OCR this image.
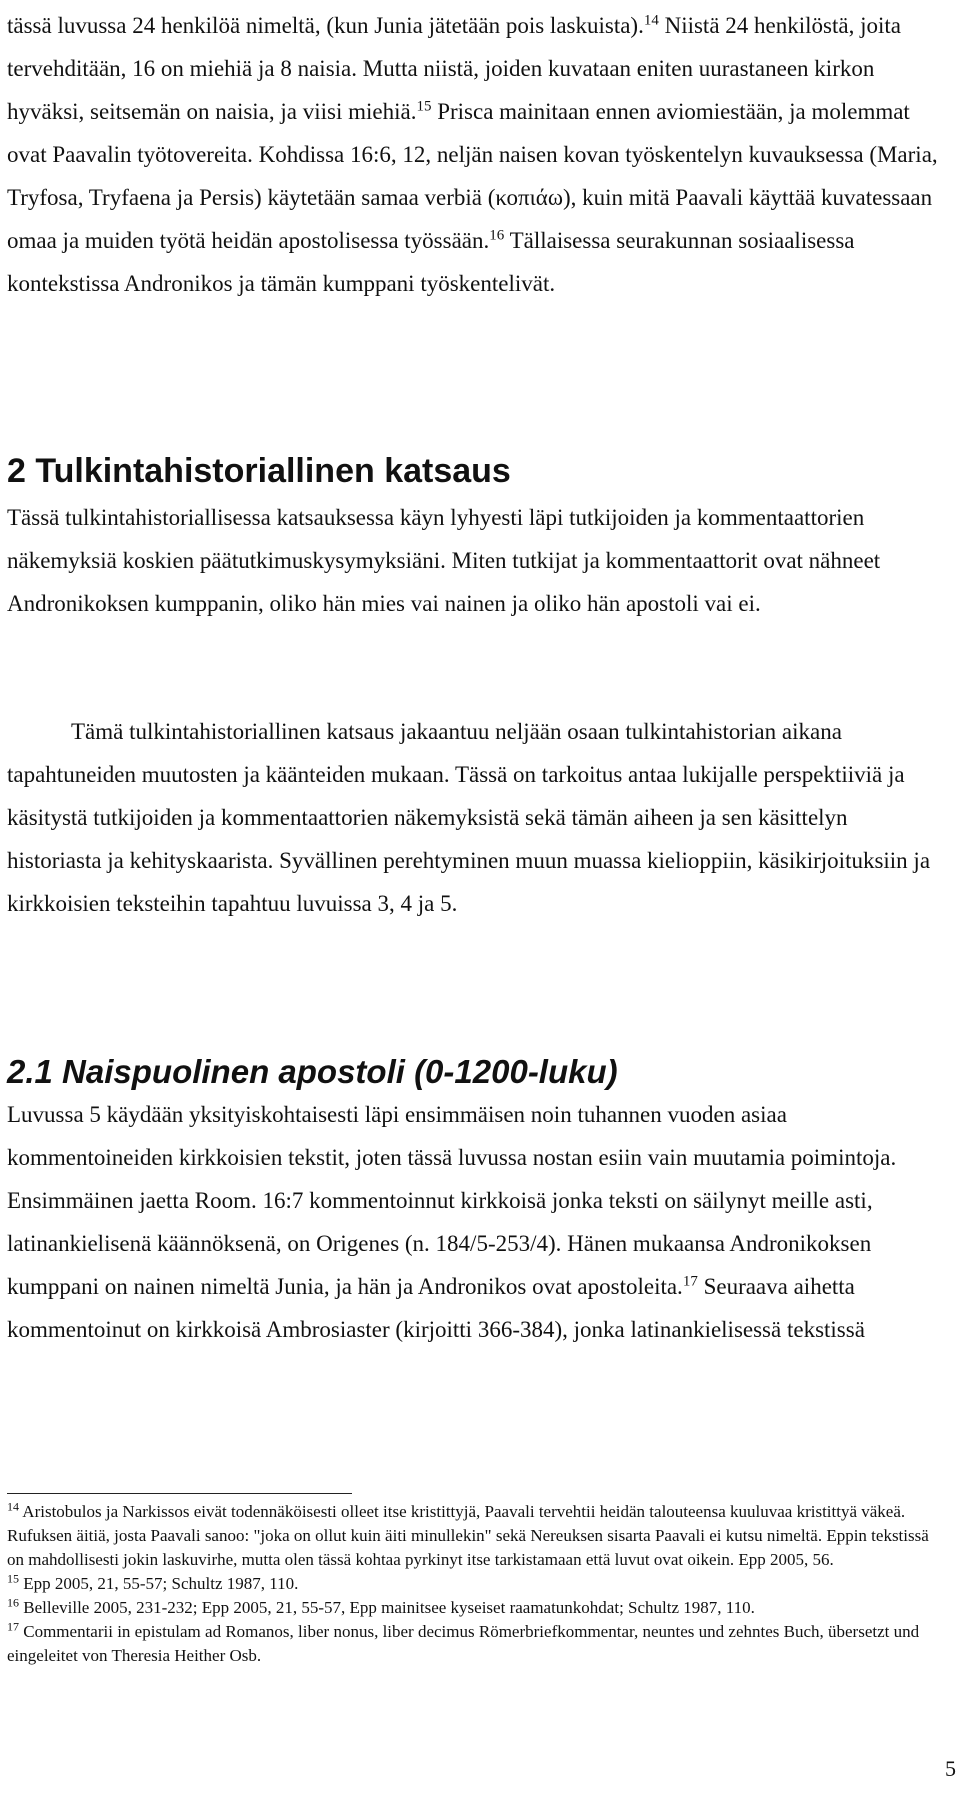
tässä luvussa 24 henkilöä nimeltä, (kun Junia jätetään pois laskuista).$^{14}$ Niistä 24 henkilöstä, joita tervehditään, 16 on miehiä ja 8 naisia. Mutta niistä, joiden kuvataan eniten uurastaneen kirkon hyväksi, seitsemän on naisia, ja viisi miehiä.$^{15}$ Prisca mainitaan ennen aviomiestään, ja molemmat ovat Paavalin työtovereita. Kohdissa 16:6, 12, neljän naisen kovan työskentelyn kuvauksessa (Maria, Tryfosa, Tryfaena ja Persis) käytetään samaa verbiä (κοπιάω), kuin mitä Paavali käyttää kuvatessaan omaa ja muiden työtä heidän apostolisessa työssään.$^{16}$ Tällaisessa seurakunnan sosiaalisessa kontekstissa Andronikos ja tämän kumppani työskentelivät.

2 Tulkintahistoriallinen katsaus

Tässä tulkintahistoriallisessa katsauksessa käyn lyhyesti läpi tutkijoiden ja kommentaattorien näkemyksiä koskien päätutkimuskysymyksiäni. Miten tutkijat ja kommentaattorit ovat nähneet Andronikoksen kumppanin, oliko hän mies vai nainen ja oliko hän apostoli vai ei.

Tämä tulkintahistoriallinen katsaus jakaantuu neljään osaan tulkintahistorian aikana tapahtuneiden muutosten ja käänteiden mukaan. Tässä on tarkoitus antaa lukijalle perspektiiviä ja käsitystä tutkijoiden ja kommentaattorien näkemyksistä sekä tämän aiheen ja sen käsittelyn historiasta ja kehityskaarista. Syvällinen perehtyminen muun muassa kielioppiin, käsikirjoituksiin ja kirkkoisien teksteihin tapahtuu luvuissa 3, 4 ja 5.

2.1 Naispuolinen apostoli (0-1200-luku)

Luvussa 5 käydään yksityiskohtaisesti läpi ensimmäisen noin tuhannen vuoden asiaa kommentoineiden kirkkoisien tekstit, joten tässä luvussa nostan esiin vain muutamia poimintoja. Ensimmäinen jaetta Room. 16:7 kommentoinnut kirkkoisä jonka teksti on säilynyt meille asti, latinankielisenä käännöksenä, on Origenes (n. 184/5-253/4). Hänen mukaansa Andronikoksen kumppani on nainen nimeltä Junia, ja hän ja Andronikos ovat apostoleita.$^{17}$ Seuraava aihetta kommentoinut on kirkkoisä Ambrosiaster (kirjoitti 366-384), jonka latinankielisessä tekstissä

$^{14}$ Aristobulos ja Narkissos eivät todennäköisesti olleet itse kristittyjä, Paavali tervehtii heidän talouteensa kuuluvaa kristittyä väkeä. Rufuksen äitiä, josta Paavali sanoo: "joka on ollut kuin äiti minullekin" sekä Nereuksen sisarta Paavali ei kutsu nimeltä. Eppin tekstissä on mahdollisesti jokin laskuvirhe, mutta olen tässä kohtaa pyrkinyt itse tarkistamaan että luvut ovat oikein. Epp 2005, 56.

$^{15}$ Epp 2005, 21, 55-57; Schultz 1987, 110.

$^{16}$ Belleville 2005, 231-232; Epp 2005, 21, 55-57, Epp mainitsee kyseiset raamatunkohdat; Schultz 1987, 110.

$^{17}$ Commentarii in epistulam ad Romanos, liber nonus, liber decimus Römerbriefkommentar, neuntes und zehntes Buch, übersetzt und eingeleitet von Theresia Heither Osb.

5
